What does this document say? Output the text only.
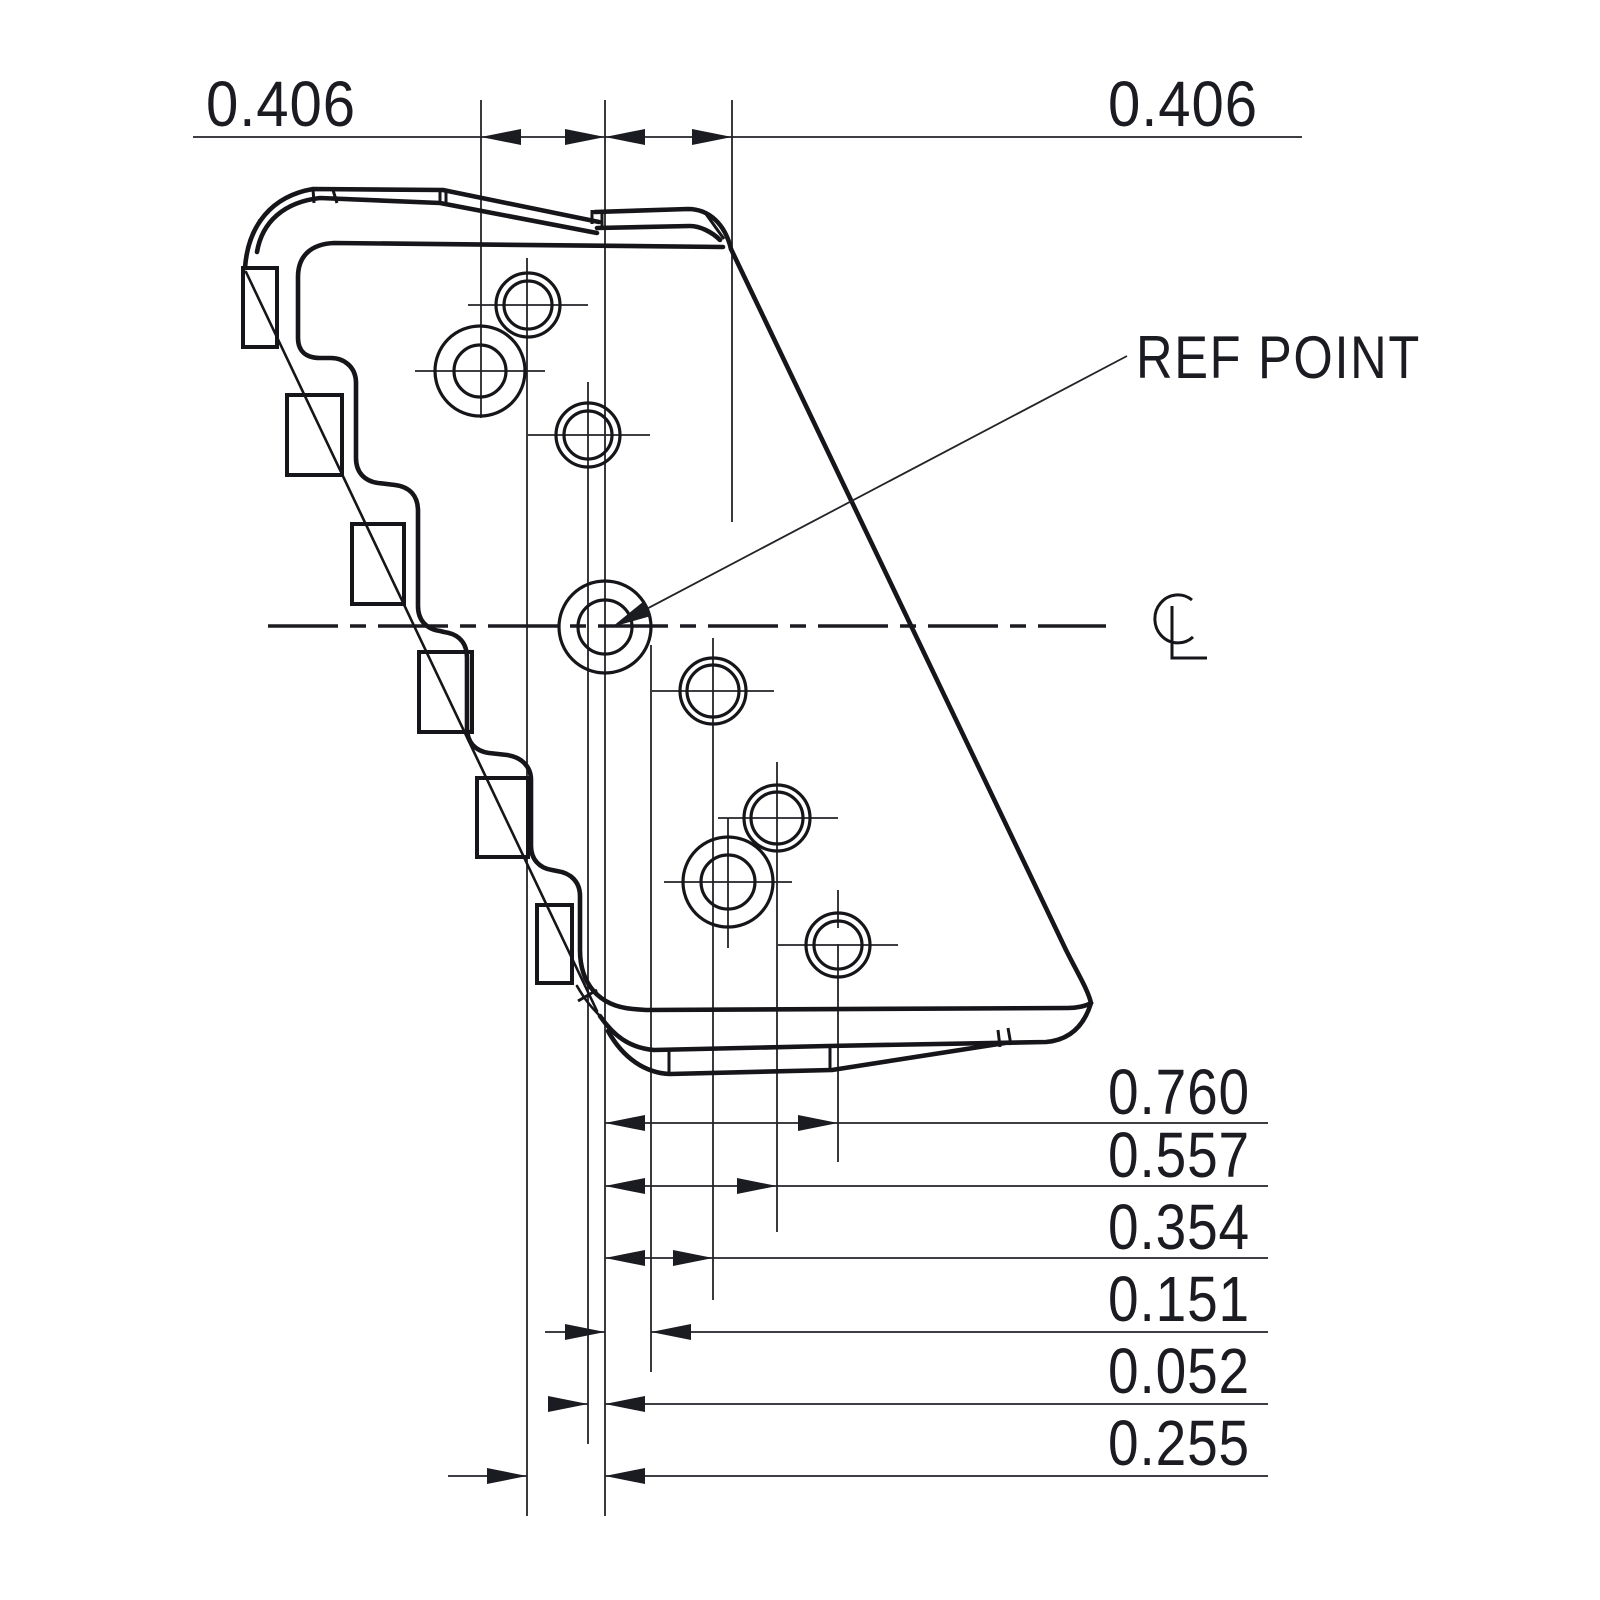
0.406	0.406
REF POINT
0.760
0.557
0.354
0.151
0.052
0.255
